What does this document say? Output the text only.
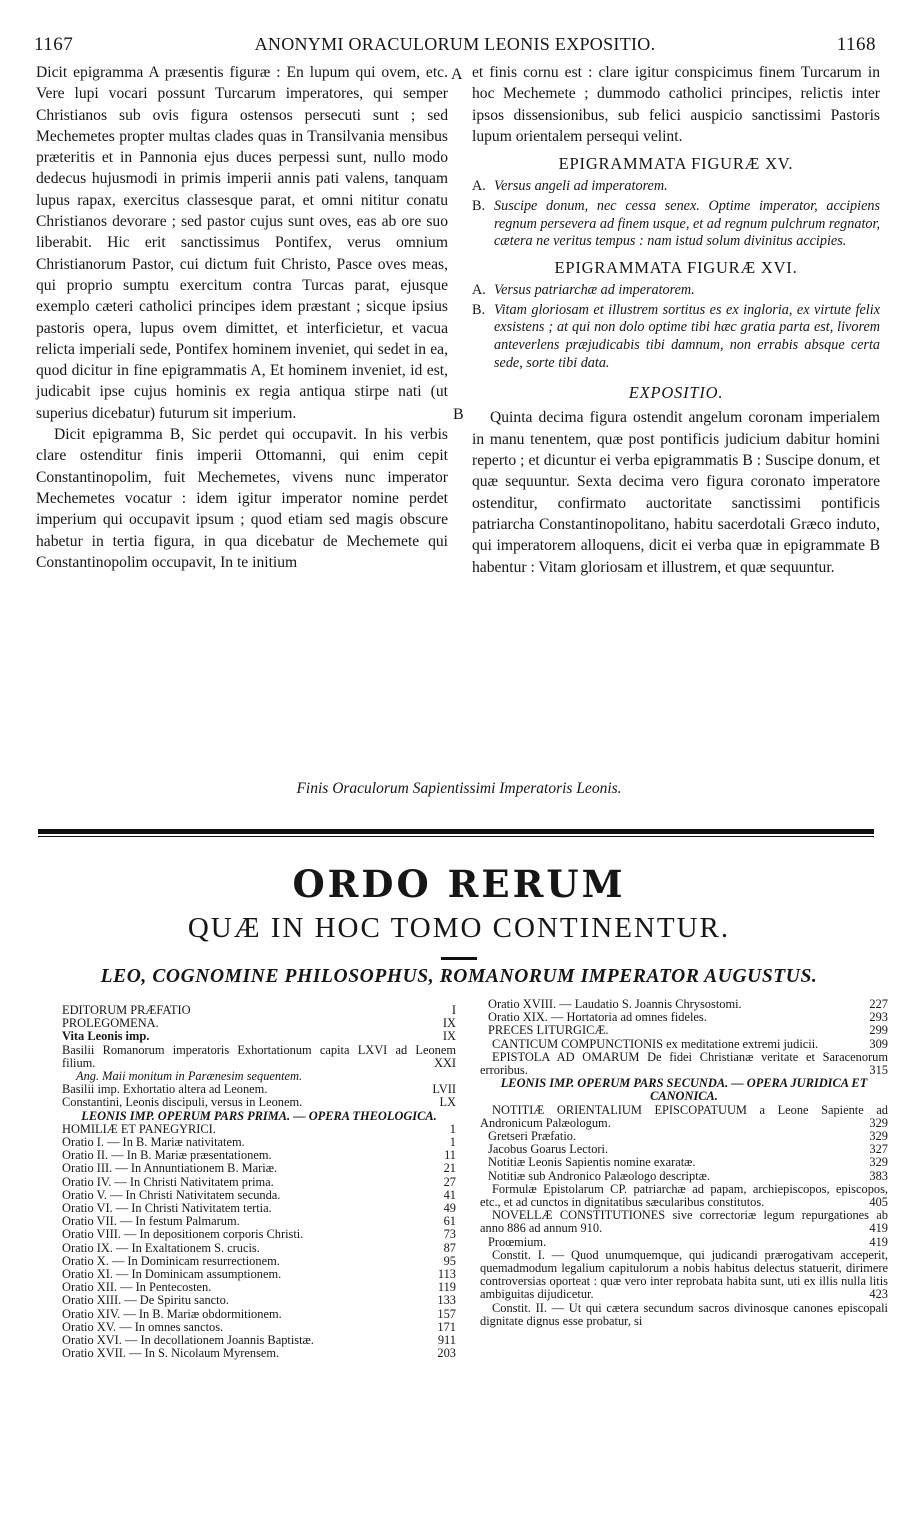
1167	ANONYMI ORACULORUM LEONIS EXPOSITIO.	1168
A
B

Dicit epigramma A præsentis figuræ : En lupum qui ovem, etc. Vere lupi vocari possunt Turcarum imperatores, qui semper Christianos sub ovis figura ostensos persecuti sunt ; sed Mechemetes propter multas clades quas in Transilvania mensibus præteritis et in Pannonia ejus duces perpessi sunt, nullo modo dedecus hujusmodi in primis imperii annis pati valens, tanquam lupus rapax, exercitus classesque parat, et omni nititur conatu Christianos devorare ; sed pastor cujus sunt oves, eas ab ore suo liberabit. Hic erit sanctissimus Pontifex, verus omnium Christianorum Pastor, cui dictum fuit Christo, Pasce oves meas, qui proprio sumptu exercitum contra Turcas parat, ejusque exemplo cæteri catholici principes idem præstant ; sicque ipsius pastoris opera, lupus ovem dimittet, et interficietur, et vacua relicta imperiali sede, Pontifex hominem inveniet, qui sedet in ea, quod dicitur in fine epigrammatis A, Et hominem inveniet, id est, judicabit ipse cujus hominis ex regia antiqua stirpe nati (ut superius dicebatur) futurum sit imperium.

Dicit epigramma B, Sic perdet qui occupavit. In his verbis clare ostenditur finis imperii Ottomanni, qui enim cepit Constantinopolim, fuit Mechemetes, vivens nunc imperator Mechemetes vocatur : idem igitur imperator nomine perdet imperium qui occupavit ipsum ; quod etiam sed magis obscure habetur in tertia figura, in qua dicebatur de Mechemete qui Constantinopolim occupavit, In te initium

et finis cornu est : clare igitur conspicimus finem Turcarum in hoc Mechemete ; dummodo catholici principes, relictis inter ipsos dissensionibus, sub felici auspicio sanctissimi Pastoris lupum orientalem persequi velint.

EPIGRAMMATA FIGURÆ XV.
A. Versus angeli ad imperatorem.
B. Suscipe donum, nec cessa senex. Optime imperator, accipiens regnum persevera ad finem usque, et ad regnum pulchrum regnator, cætera ne veritus tempus : nam istud solum divinitus accipies.
EPIGRAMMATA FIGURÆ XVI.
A. Versus patriarchæ ad imperatorem.
B. Vitam gloriosam et illustrem sortitus es ex ingloria, ex virtute felix exsistens ; at qui non dolo optime tibi hæc gratia parta est, livorem anteverlens præjudicabis tibi damnum, non errabis absque certa sede, sorte tibi data.
EXPOSITIO.

Quinta decima figura ostendit angelum coronam imperialem in manu tenentem, quæ post pontificis judicium dabitur homini reperto ; et dicuntur ei verba epigrammatis B : Suscipe donum, et quæ sequuntur. Sexta decima vero figura coronato imperatore ostenditur, confirmato auctoritate sanctissimi pontificis patriarcha Constantinopolitano, habitu sacerdotali Græco induto, qui imperatorem alloquens, dicit ei verba quæ in epigrammate B habentur : Vitam gloriosam et illustrem, et quæ sequuntur.

Finis Oraculorum Sapientissimi Imperatoris Leonis.
ORDO RERUM
QUÆ IN HOC TOMO CONTINENTUR.
LEO, COGNOMINE PHILOSOPHUS, ROMANORUM IMPERATOR AUGUSTUS.
EDITORUM PRÆFATIO	I
PROLEGOMENA.	IX
Vita Leonis imp.	IX
Basilii Romanorum imperatoris Exhortationum capita LXVI ad Leonem filium.	XXI
Ang. Maii monitum in Parænesim sequentem.
Basilii imp. Exhortatio altera ad Leonem.	LVII
Constantini, Leonis discipuli, versus in Leonem.	LX
LEONIS IMP. OPERUM PARS PRIMA. — OPERA THEOLOGICA.
HOMILIÆ ET PANEGYRICI.	1
Oratio I. — In B. Mariæ nativitatem.	1
Oratio II. — In B. Mariæ præsentationem.	11
Oratio III. — In Annuntiationem B. Mariæ.	21
Oratio IV. — In Christi Nativitatem prima.	27
Oratio V. — In Christi Nativitatem secunda.	41
Oratio VI. — In Christi Nativitatem tertia.	49
Oratio VII. — In festum Palmarum.	61
Oratio VIII. — In depositionem corporis Christi.	73
Oratio IX. — In Exaltationem S. crucis.	87
Oratio X. — In Dominicam resurrectionem.	95
Oratio XI. — In Dominicam assumptionem.	113
Oratio XII. — In Pentecosten.	119
Oratio XIII. — De Spiritu sancto.	133
Oratio XIV. — In B. Mariæ obdormitionem.	157
Oratio XV. — In omnes sanctos.	171
Oratio XVI. — In decollationem Joannis Baptistæ.	911
Oratio XVII. — In S. Nicolaum Myrensem.	203
Oratio XVIII. — Laudatio S. Joannis Chrysostomi.	227
Oratio XIX. — Hortatoria ad omnes fideles.	293
PRECES LITURGICÆ.	299
CANTICUM COMPUNCTIONIS ex meditatione extremi judicii.	309
EPISTOLA AD OMARUM De fidei Christianæ veritate et Saracenorum erroribus.	315
LEONIS IMP. OPERUM PARS SECUNDA. — OPERA JURIDICA ET CANONICA.
NOTITIÆ ORIENTALIUM EPISCOPATUUM a Leone Sapiente ad Andronicum Palæologum.	329
Gretseri Præfatio.	329
Jacobus Goarus Lectori.	327
Notitiæ Leonis Sapientis nomine exaratæ.	329
Notitiæ sub Andronico Palæologo descriptæ.	383
Formulæ Epistolarum CP. patriarchæ ad papam, archiepiscopos, episcopos, etc., et ad cunctos in dignitatibus sæcularibus constitutos.	405
NOVELLÆ CONSTITUTIONES sive correctoriæ legum repurgationes ab anno 886 ad annum 910.	419
Proœmium.	419
Constit. I. — Quod unumquemque, qui judicandi prærogativam acceperit, quemadmodum legalium capitulorum a nobis habitus delectus statuerit, dirimere controversias oporteat : quæ vero inter reprobata habita sunt, uti ex illis nulla litis ambiguitas dijudicetur.	423
Constit. II. — Ut qui cætera secundum sacros divinosque canones episcopali dignitate dignus esse probatur, si
